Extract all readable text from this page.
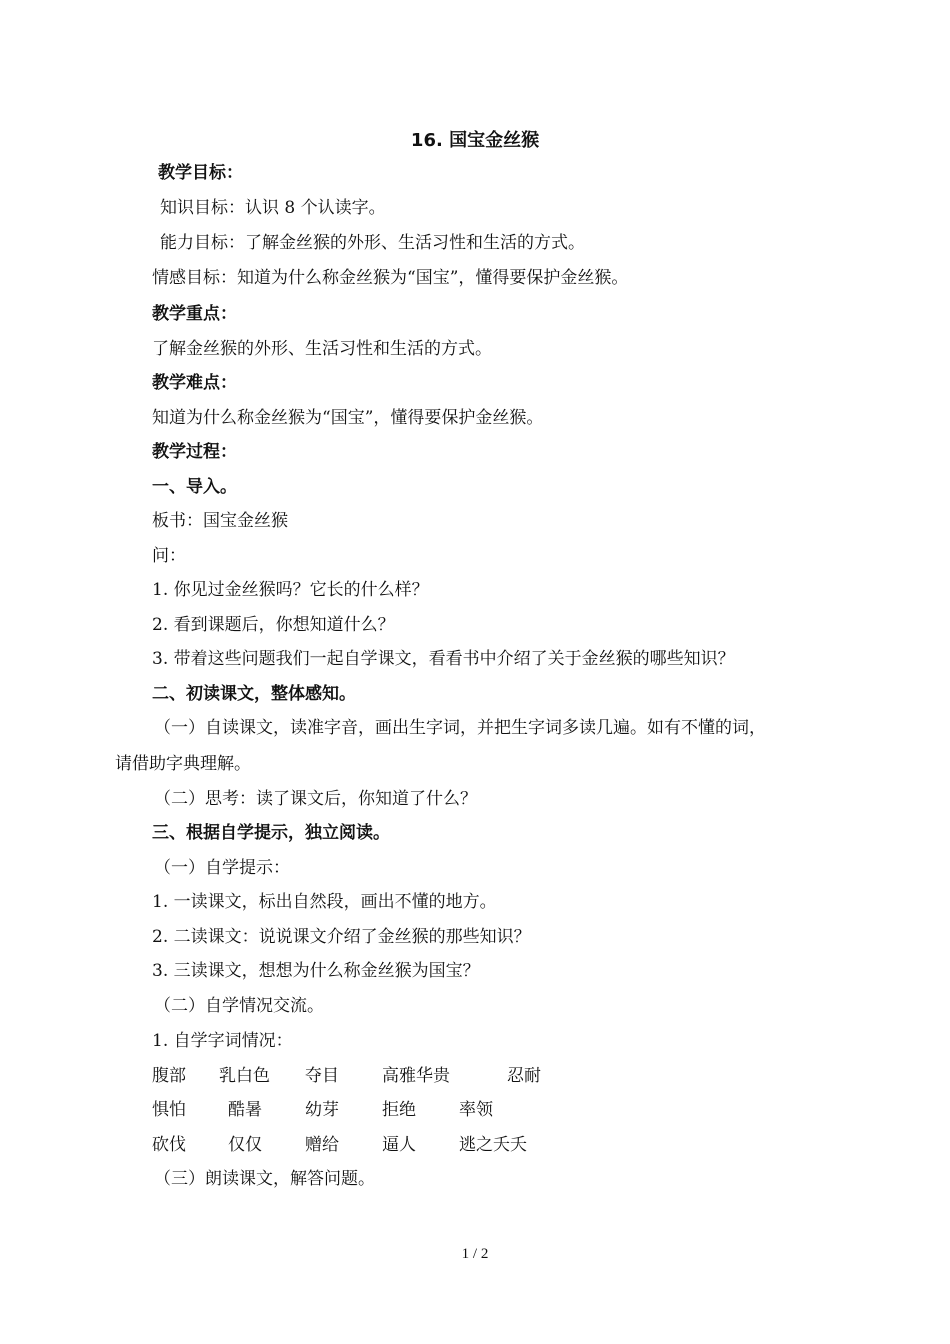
16. 国宝金丝猴
教学目标：
知识目标：认识 8 个认读字。
能力目标：了解金丝猴的外形、生活习性和生活的方式。
情感目标：知道为什么称金丝猴为“国宝”，懂得要保护金丝猴。
教学重点：
了解金丝猴的外形、生活习性和生活的方式。
教学难点：
知道为什么称金丝猴为“国宝”，懂得要保护金丝猴。
教学过程：
一、导入。
板书：国宝金丝猴
问：
1. 你见过金丝猴吗？它长的什么样？
2. 看到课题后，你想知道什么？
3. 带着这些问题我们一起自学课文，看看书中介绍了关于金丝猴的哪些知识？
二、初读课文，整体感知。
（一）自读课文，读准字音，画出生字词，并把生字词多读几遍。如有不懂的词，
请借助字典理解。
（二）思考：读了课文后，你知道了什么？
三、根据自学提示，独立阅读。
（一）自学提示：
1. 一读课文，标出自然段，画出不懂的地方。
2. 二读课文：说说课文介绍了金丝猴的那些知识？
3. 三读课文，想想为什么称金丝猴为国宝？
（二）自学情况交流。
1. 自学字词情况：
腹部 乳白色 夺目	高雅华贵	忍耐
惧怕 酷暑	幼芽	拒绝	率领
砍伐 仅仅	赠给	逼人	逃之夭夭
（三）朗读课文，解答问题。
1 / 2
